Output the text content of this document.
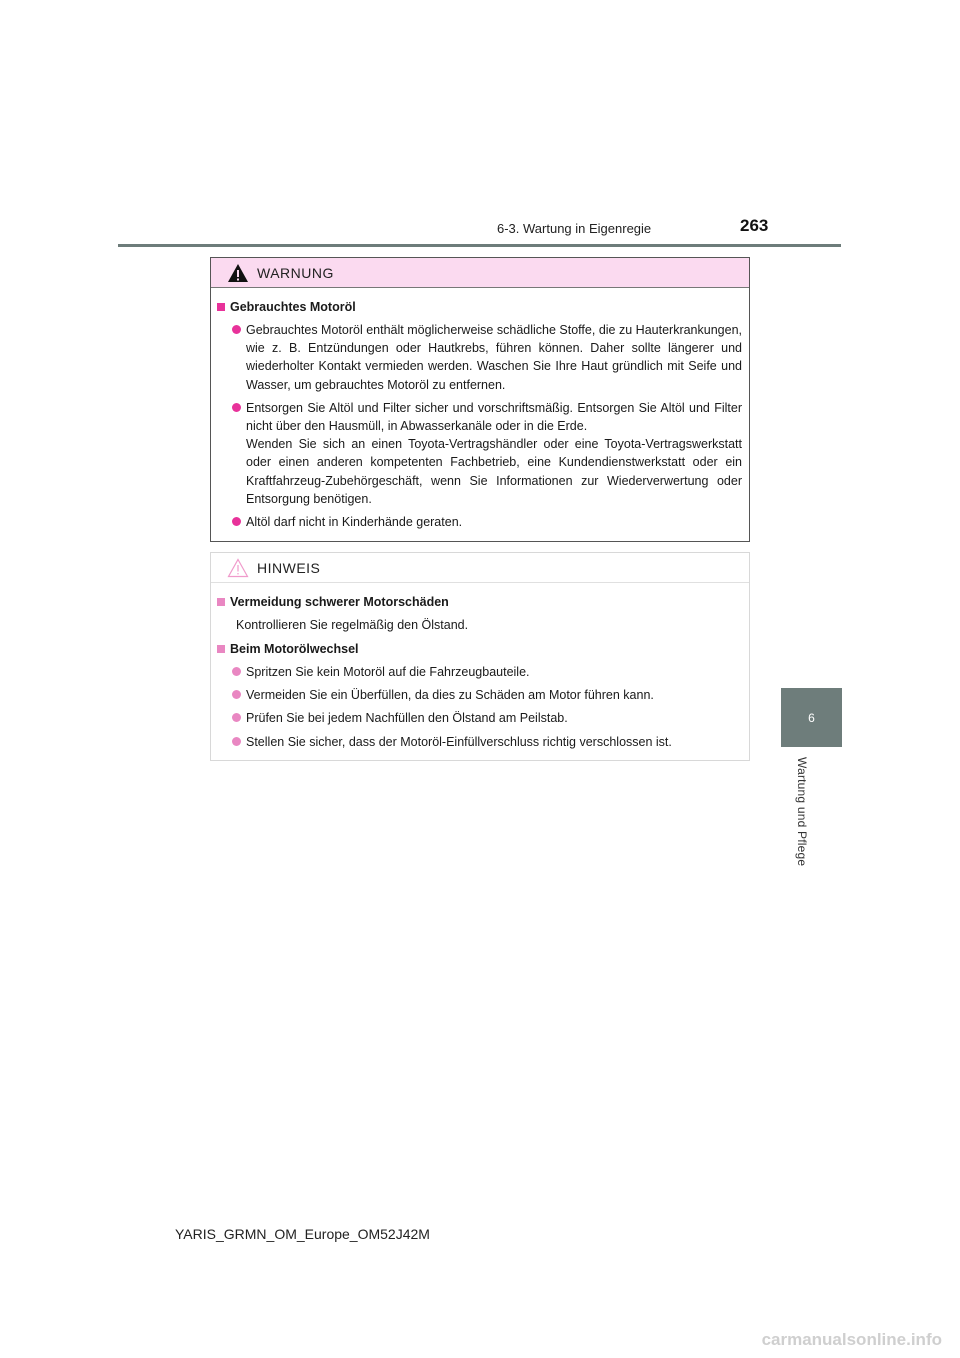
6-3. Wartung in Eigenregie	263
6
Wartung und Pflege
WARNUNG
Gebrauchtes Motoröl
Gebrauchtes Motoröl enthält möglicherweise schädliche Stoffe, die zu Hauterkrankungen, wie z. B. Entzündungen oder Hautkrebs, führen können. Daher sollte längerer und wiederholter Kontakt vermieden werden. Waschen Sie Ihre Haut gründlich mit Seife und Wasser, um gebrauchtes Motoröl zu entfernen.
Entsorgen Sie Altöl und Filter sicher und vorschriftsmäßig. Entsorgen Sie Altöl und Filter nicht über den Hausmüll, in Abwasserkanäle oder in die Erde.
Wenden Sie sich an einen Toyota-Vertragshändler oder eine Toyota-Vertragswerkstatt oder einen anderen kompetenten Fachbetrieb, eine Kundendienstwerkstatt oder ein Kraftfahrzeug-Zubehörgeschäft, wenn Sie Informationen zur Wiederverwertung oder Entsorgung benötigen.
Altöl darf nicht in Kinderhände geraten.
HINWEIS
Vermeidung schwerer Motorschäden
Kontrollieren Sie regelmäßig den Ölstand.
Beim Motorölwechsel
Spritzen Sie kein Motoröl auf die Fahrzeugbauteile.
Vermeiden Sie ein Überfüllen, da dies zu Schäden am Motor führen kann.
Prüfen Sie bei jedem Nachfüllen den Ölstand am Peilstab.
Stellen Sie sicher, dass der Motoröl-Einfüllverschluss richtig verschlossen ist.
YARIS_GRMN_OM_Europe_OM52J42M
carmanualsonline.info
